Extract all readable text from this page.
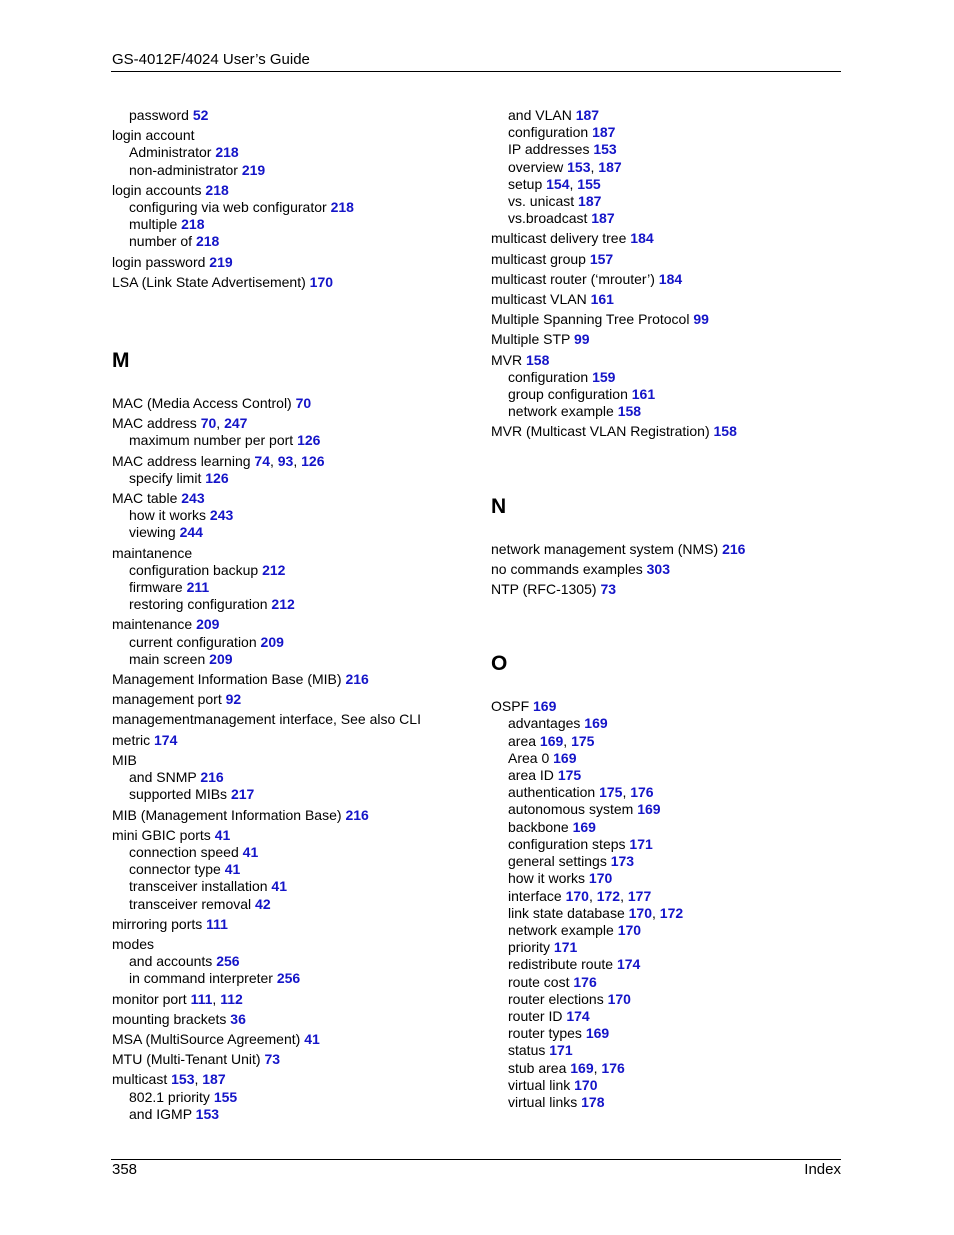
GS-4012F/4024 User’s Guide
password 52
login account
Administrator 218
non-administrator 219
login accounts 218
configuring via web configurator 218
multiple 218
number of 218
login password 219
LSA (Link State Advertisement) 170
M
MAC (Media Access Control) 70
MAC address 70, 247
maximum number per port 126
MAC address learning 74, 93, 126
specify limit 126
MAC table 243
how it works 243
viewing 244
maintanence
configuration backup 212
firmware 211
restoring configuration 212
maintenance 209
current configuration 209
main screen 209
Management Information Base (MIB) 216
management port 92
managementmanagement interface, See also CLI
metric 174
MIB
and SNMP 216
supported MIBs 217
MIB (Management Information Base) 216
mini GBIC ports 41
connection speed 41
connector type 41
transceiver installation 41
transceiver removal 42
mirroring ports 111
modes
and accounts 256
in command interpreter 256
monitor port 111, 112
mounting brackets 36
MSA (MultiSource Agreement) 41
MTU (Multi-Tenant Unit) 73
multicast 153, 187
802.1 priority 155
and IGMP 153
and VLAN 187
configuration 187
IP addresses 153
overview 153, 187
setup 154, 155
vs. unicast 187
vs.broadcast 187
multicast delivery tree 184
multicast group 157
multicast router (‘mrouter’) 184
multicast VLAN 161
Multiple Spanning Tree Protocol 99
Multiple STP 99
MVR 158
configuration 159
group configuration 161
network example 158
MVR (Multicast VLAN Registration) 158
N
network management system (NMS) 216
no commands examples 303
NTP (RFC-1305) 73
O
OSPF 169
advantages 169
area 169, 175
Area 0 169
area ID 175
authentication 175, 176
autonomous system 169
backbone 169
configuration steps 171
general settings 173
how it works 170
interface 170, 172, 177
link state database 170, 172
network example 170
priority 171
redistribute route 174
route cost 176
router elections 170
router ID 174
router types 169
status 171
stub area 169, 176
virtual link 170
virtual links 178
358	Index
